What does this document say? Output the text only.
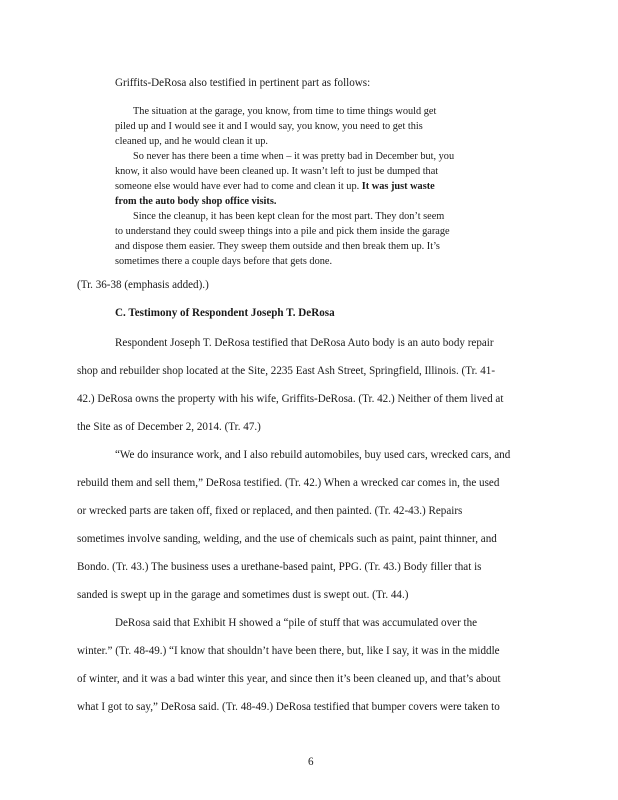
Griffits-DeRosa also testified in pertinent part as follows:
The situation at the garage, you know, from time to time things would get
piled up and I would see it and I would say, you know, you need to get this
cleaned up, and he would clean it up.
So never has there been a time when – it was pretty bad in December but, you
know, it also would have been cleaned up. It wasn’t left to just be dumped that
someone else would have ever had to come and clean it up. It was just waste
from the auto body shop office visits.
Since the cleanup, it has been kept clean for the most part. They don’t seem
to understand they could sweep things into a pile and pick them inside the garage
and dispose them easier. They sweep them outside and then break them up. It’s
sometimes there a couple days before that gets done.
(Tr. 36-38 (emphasis added).)
C. Testimony of Respondent Joseph T. DeRosa
Respondent Joseph T. DeRosa testified that DeRosa Auto body is an auto body repair
shop and rebuilder shop located at the Site, 2235 East Ash Street, Springfield, Illinois. (Tr. 41-
42.) DeRosa owns the property with his wife, Griffits-DeRosa. (Tr. 42.) Neither of them lived at
the Site as of December 2, 2014. (Tr. 47.)
“We do insurance work, and I also rebuild automobiles, buy used cars, wrecked cars, and
rebuild them and sell them,” DeRosa testified. (Tr. 42.) When a wrecked car comes in, the used
or wrecked parts are taken off, fixed or replaced, and then painted. (Tr. 42-43.) Repairs
sometimes involve sanding, welding, and the use of chemicals such as paint, paint thinner, and
Bondo. (Tr. 43.) The business uses a urethane-based paint, PPG. (Tr. 43.) Body filler that is
sanded is swept up in the garage and sometimes dust is swept out. (Tr. 44.)
DeRosa said that Exhibit H showed a “pile of stuff that was accumulated over the
winter.” (Tr. 48-49.) “I know that shouldn’t have been there, but, like I say, it was in the middle
of winter, and it was a bad winter this year, and since then it’s been cleaned up, and that’s about
what I got to say,” DeRosa said. (Tr. 48-49.) DeRosa testified that bumper covers were taken to
6
